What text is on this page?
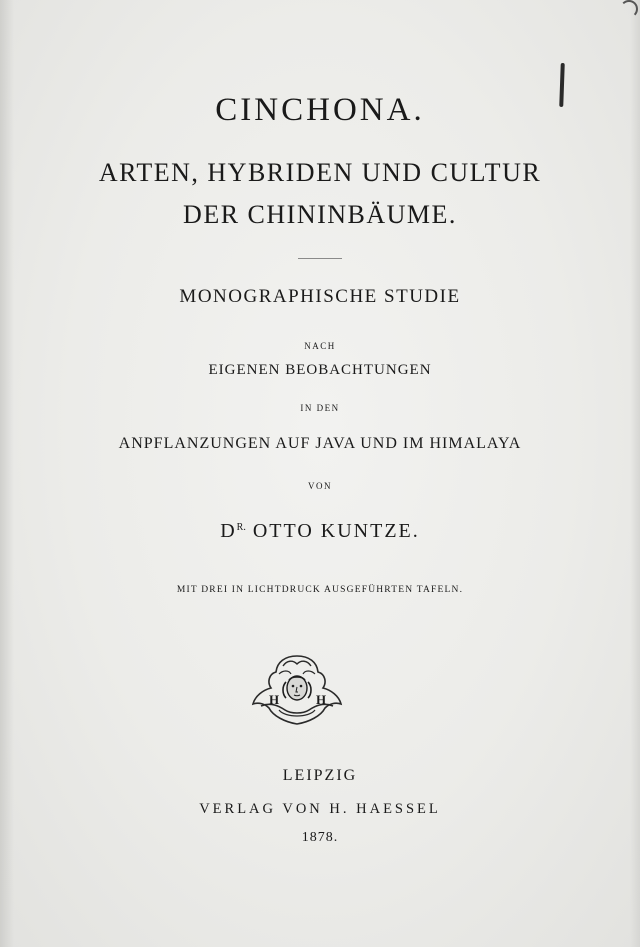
CINCHONA.
ARTEN, HYBRIDEN UND CULTUR
DER CHININBÄUME.
MONOGRAPHISCHE STUDIE
NACH
EIGENEN BEOBACHTUNGEN
IN DEN
ANPFLANZUNGEN AUF JAVA UND IM HIMALAYA
VON
$D^{R.}$ OTTO KUNTZE.
MIT DREI IN LICHTDRUCK AUSGEFÜHRTEN TAFELN.
H	H
LEIPZIG
VERLAG VON H. HAESSEL
1878.
